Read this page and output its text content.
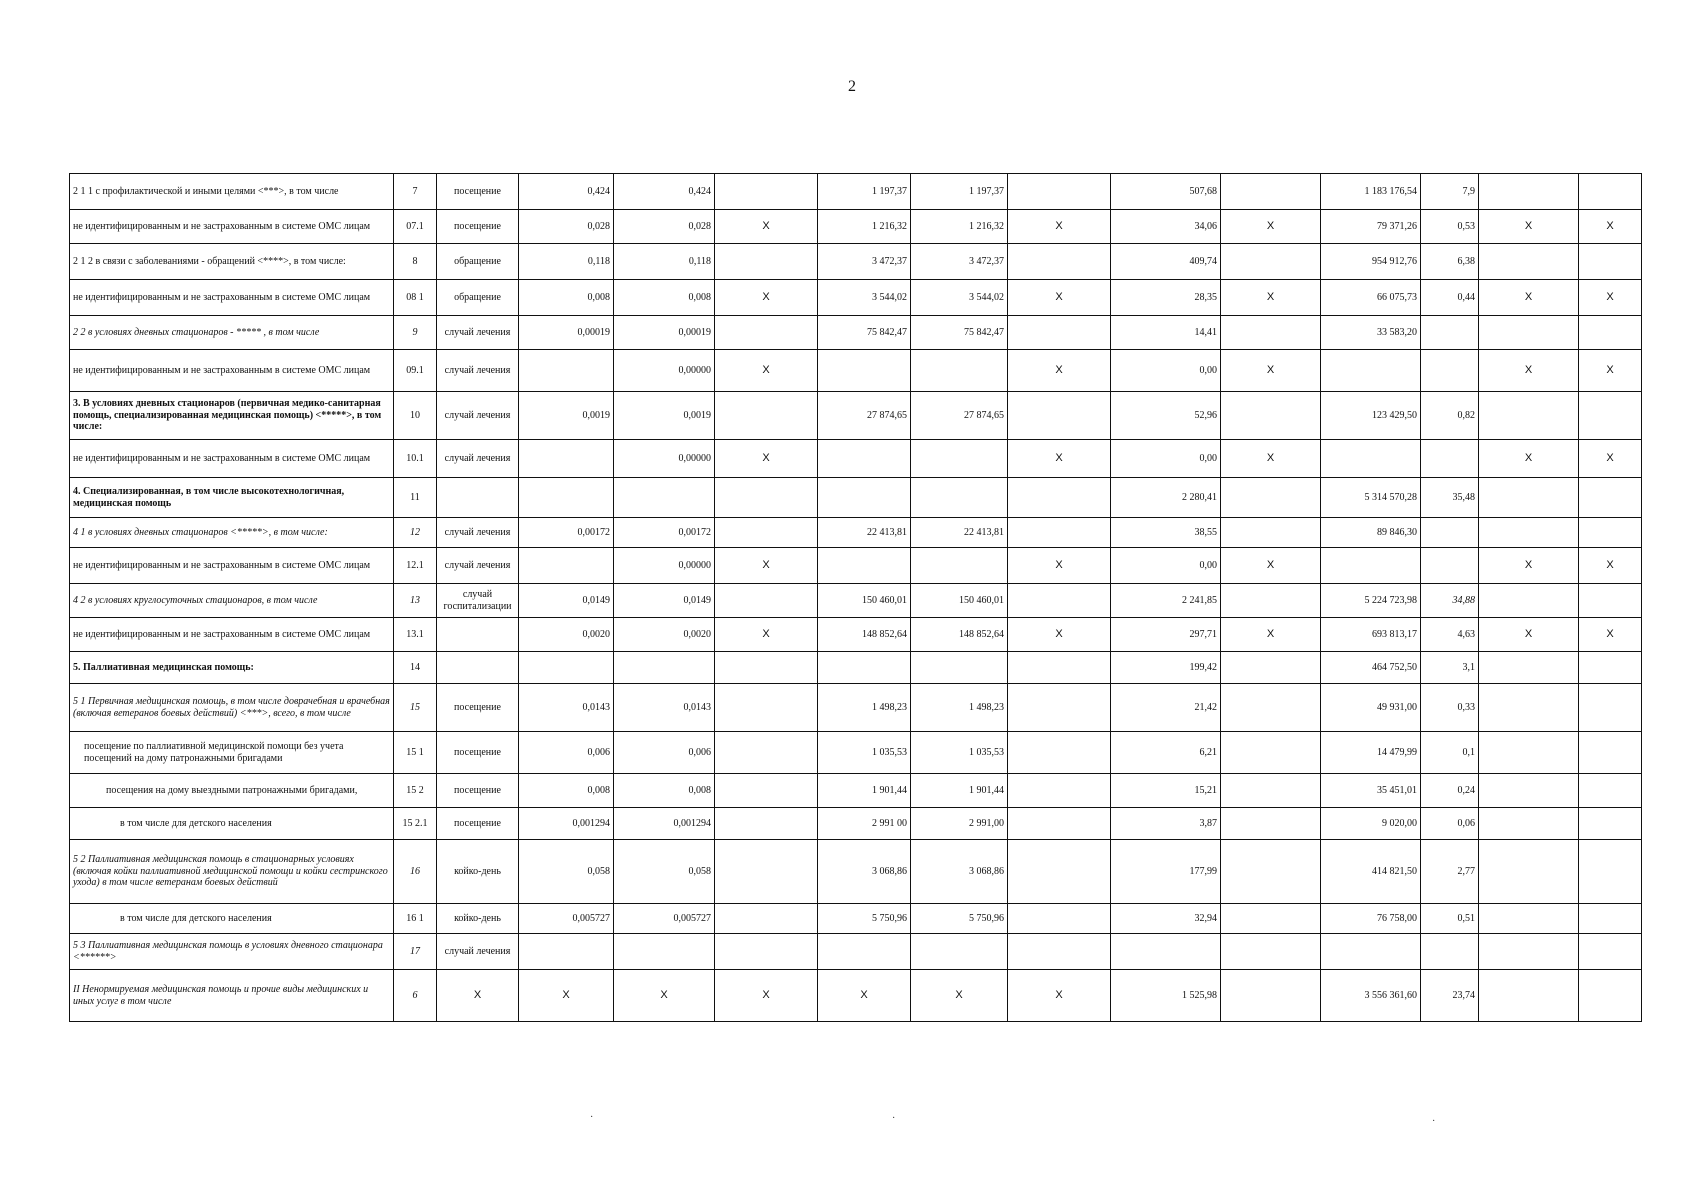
2
2 1 1 с профилактической и иными целями <***>, в том числе	7	посещение	0,424	0,424		1 197,37	1 197,37		507,68		1 183 176,54	7,9		
не идентифицированным и не застрахованным в системе ОМС лицам	07.1	посещение	0,028	0,028	X	1 216,32	1 216,32	X	34,06	X	79 371,26	0,53	X	X
2 1 2 в связи с заболеваниями - обращений <****>, в том числе:	8	обращение	0,118	0,118		3 472,37	3 472,37		409,74		954 912,76	6,38		
не идентифицированным и не застрахованным в системе ОМС лицам	08 1	обращение	0,008	0,008	X	3 544,02	3 544,02	X	28,35	X	66 075,73	0,44	X	X
2 2 в условиях дневных стационаров - ***** , в том числе	9	случай лечения	0,00019	0,00019		75 842,47	75 842,47		14,41		33 583,20			
не идентифицированным и не застрахованным в системе ОМС лицам	09.1	случай лечения		0,00000	X			X	0,00	X			X	X
3. В условиях дневных стационаров (первичная медико-санитарная помощь, специализированная медицинская помощь) <*****>, в том числе:	10	случай лечения	0,0019	0,0019		27 874,65	27 874,65		52,96		123 429,50	0,82		
не идентифицированным и не застрахованным в системе ОМС лицам	10.1	случай лечения		0,00000	X			X	0,00	X			X	X
4. Специализированная, в том числе высокотехнологичная, медицинская помощь	11								2 280,41		5 314 570,28	35,48		
4 1 в условиях дневных стационаров <*****>, в том числе:	12	случай лечения	0,00172	0,00172		22 413,81	22 413,81		38,55		89 846,30			
не идентифицированным и не застрахованным в системе ОМС лицам	12.1	случай лечения		0,00000	X			X	0,00	X			X	X
4 2 в условиях круглосуточных стационаров, в том числе	13	случай госпитализации	0,0149	0,0149		150 460,01	150 460,01		2 241,85		5 224 723,98	34,88		
не идентифицированным и не застрахованным в системе ОМС лицам	13.1		0,0020	0,0020	X	148 852,64	148 852,64	X	297,71	X	693 813,17	4,63	X	X
5. Паллиативная медицинская помощь:	14								199,42		464 752,50	3,1		
5 1 Первичная медицинская помощь, в том числе доврачебная и врачебная (включая ветеранов боевых действий) <***>, всего, в том числе	15	посещение	0,0143	0,0143		1 498,23	1 498,23		21,42		49 931,00	0,33		
посещение по паллиативной медицинской помощи без учета посещений на дому патронажными бригадами	15 1	посещение	0,006	0,006		1 035,53	1 035,53		6,21		14 479,99	0,1		
посещения на дому выездными патронажными бригадами,	15 2	посещение	0,008	0,008		1 901,44	1 901,44		15,21		35 451,01	0,24		
в том числе для детского населения	15 2.1	посещение	0,001294	0,001294		2 991 00	2 991,00		3,87		9 020,00	0,06		
5 2 Паллиативная медицинская помощь в стационарных условиях (включая койки паллиативной медицинской помощи и койки сестринского ухода) в том числе ветеранам боевых действий	16	койко-день	0,058	0,058		3 068,86	3 068,86		177,99		414 821,50	2,77		
в том числе для детского населения	16 1	койко-день	0,005727	0,005727		5 750,96	5 750,96		32,94		76 758,00	0,51		
5 3 Паллиативная медицинская помощь в условиях дневного стационара <******>	17	случай лечения												
II Ненормируемая медицинская помощь и прочие виды медицинских и иных услуг в том числе	6	X	X	X	X	X	X	X	1 525,98		3 556 361,60	23,74		
·	·	·
